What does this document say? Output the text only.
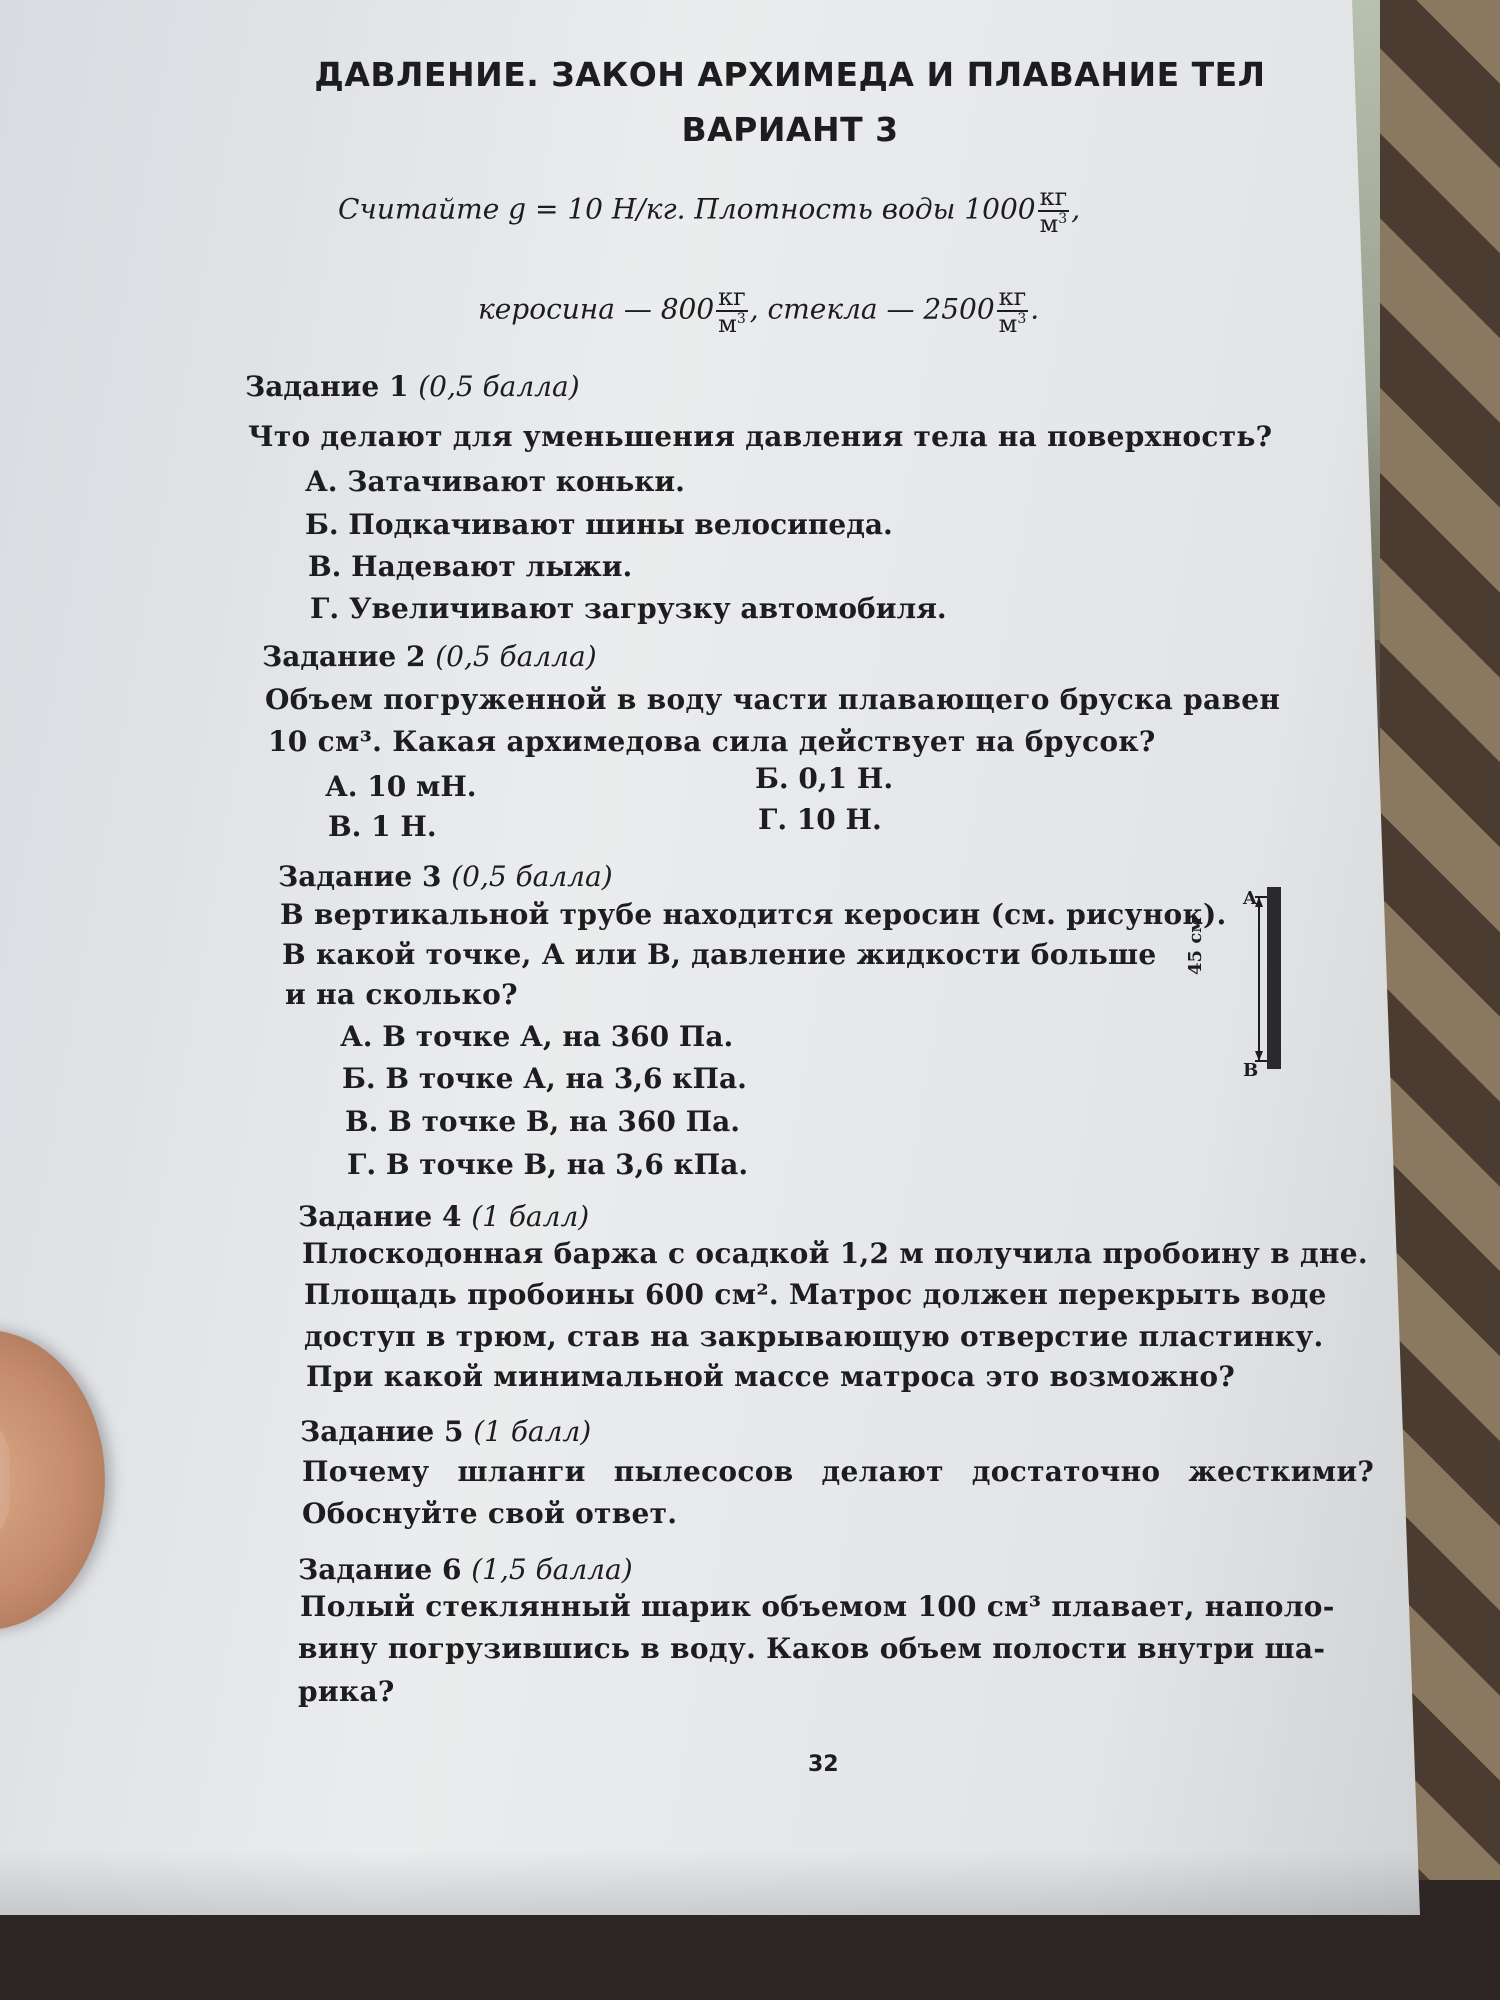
ДАВЛЕНИЕ. ЗАКОН АРХИМЕДА И ПЛАВАНИЕ ТЕЛ

ВАРИАНТ 3

Считайте g = 10 Н/кг. Плотность воды $1000 \frac{кг}{м^3}$ ,

керосина — $800 \frac{кг}{м^3}$ , стекла — $2500 \frac{кг}{м^3}$ .

Задание 1 (0,5 балла)

Что делают для уменьшения давления тела на поверхность?

А. Затачивают коньки.

Б. Подкачивают шины велосипеда.

В. Надевают лыжи.

Г. Увеличивают загрузку автомобиля.

Задание 2 (0,5 балла)

Объем погруженной в воду части плавающего бруска равен

10 см³. Какая архимедова сила действует на брусок?

А. 10 мН.	Б. 0,1 Н.

В. 1 Н.	Г. 10 Н.

Задание 3 (0,5 балла)

В вертикальной трубе находится керосин (см. рисунок).

В какой точке, А или В, давление жидкости больше

и на сколько?

А. В точке А, на 360 Па.

Б. В точке А, на 3,6 кПа.

В. В точке В, на 360 Па.

Г. В точке В, на 3,6 кПа.

A

B

45 см

Задание 4 (1 балл)

Плоскодонная баржа с осадкой 1,2 м получила пробоину в дне.

Площадь пробоины 600 см². Матрос должен перекрыть воде

доступ в трюм, став на закрывающую отверстие пластинку.

При какой минимальной массе матроса это возможно?

Задание 5 (1 балл)

Почему шланги пылесосов делают достаточно жесткими?

Обоснуйте свой ответ.

Задание 6 (1,5 балла)

Полый стеклянный шарик объемом 100 см³ плавает, наполо-

вину погрузившись в воду. Каков объем полости внутри ша-

рика?

32
